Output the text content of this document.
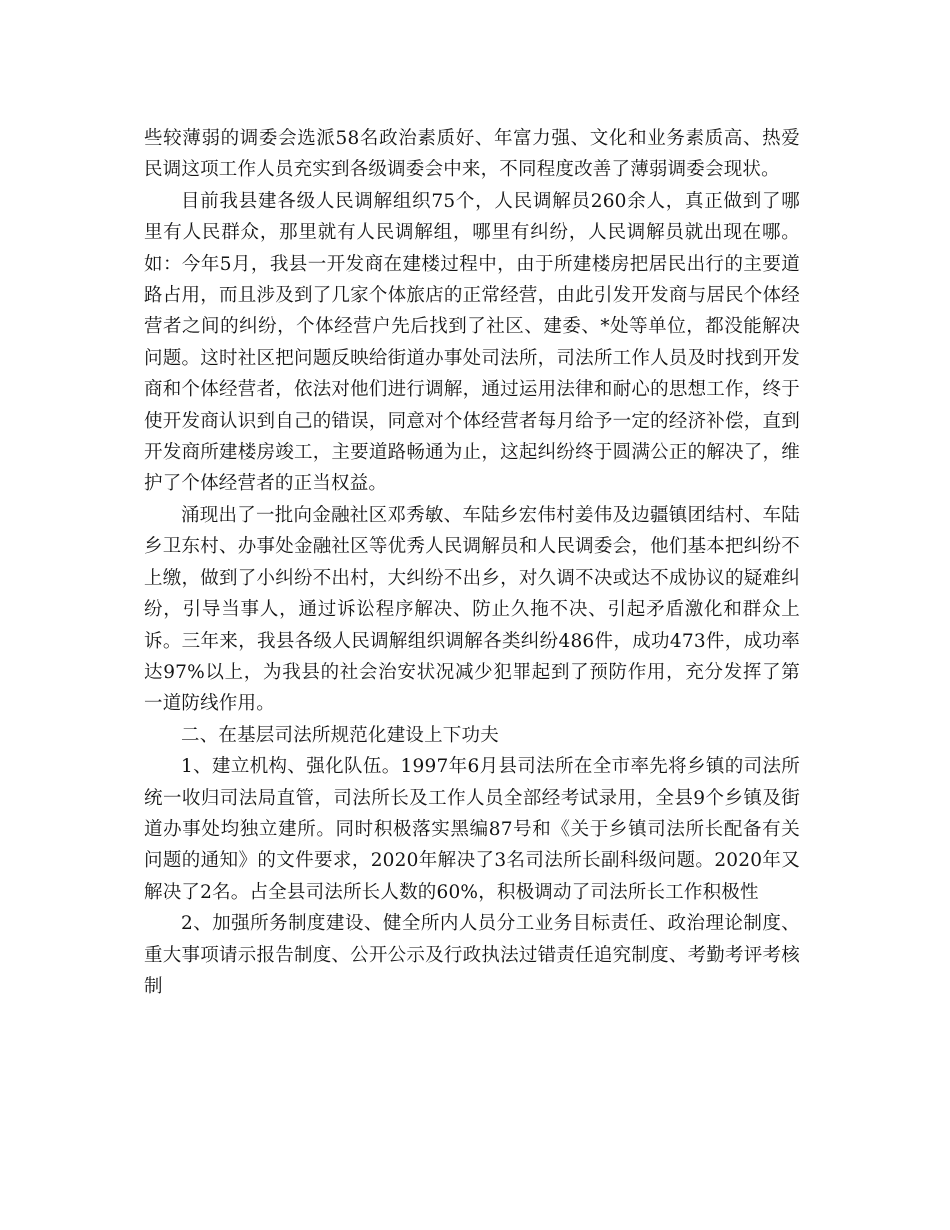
些较薄弱的调委会选派58名政治素质好、年富力强、文化和业务素质高、热爱民调这项工作人员充实到各级调委会中来，不同程度改善了薄弱调委会现状。

目前我县建各级人民调解组织75个，人民调解员260余人，真正做到了哪里有人民群众，那里就有人民调解组，哪里有纠纷，人民调解员就出现在哪。如：今年5月，我县一开发商在建楼过程中，由于所建楼房把居民出行的主要道路占用，而且涉及到了几家个体旅店的正常经营，由此引发开发商与居民个体经营者之间的纠纷，个体经营户先后找到了社区、建委、*处等单位，都没能解决问题。这时社区把问题反映给街道办事处司法所，司法所工作人员及时找到开发商和个体经营者，依法对他们进行调解，通过运用法律和耐心的思想工作，终于使开发商认识到自己的错误，同意对个体经营者每月给予一定的经济补偿，直到开发商所建楼房竣工，主要道路畅通为止，这起纠纷终于圆满公正的解决了，维护了个体经营者的正当权益。

涌现出了一批向金融社区邓秀敏、车陆乡宏伟村姜伟及边疆镇团结村、车陆乡卫东村、办事处金融社区等优秀人民调解员和人民调委会，他们基本把纠纷不上缴，做到了小纠纷不出村，大纠纷不出乡，对久调不决或达不成协议的疑难纠纷，引导当事人，通过诉讼程序解决、防止久拖不决、引起矛盾激化和群众上诉。三年来，我县各级人民调解组织调解各类纠纷486件，成功473件，成功率达97%以上，为我县的社会治安状况减少犯罪起到了预防作用，充分发挥了第一道防线作用。

二、在基层司法所规范化建设上下功夫

1、建立机构、强化队伍。1997年6月县司法所在全市率先将乡镇的司法所统一收归司法局直管，司法所长及工作人员全部经考试录用，全县9个乡镇及街道办事处均独立建所。同时积极落实黑编87号和《关于乡镇司法所长配备有关问题的通知》的文件要求，2020年解决了3名司法所长副科级问题。2020年又解决了2名。占全县司法所长人数的60%，积极调动了司法所长工作积极性

2、加强所务制度建设、健全所内人员分工业务目标责任、政治理论制度、重大事项请示报告制度、公开公示及行政执法过错责任追究制度、考勤考评考核制
